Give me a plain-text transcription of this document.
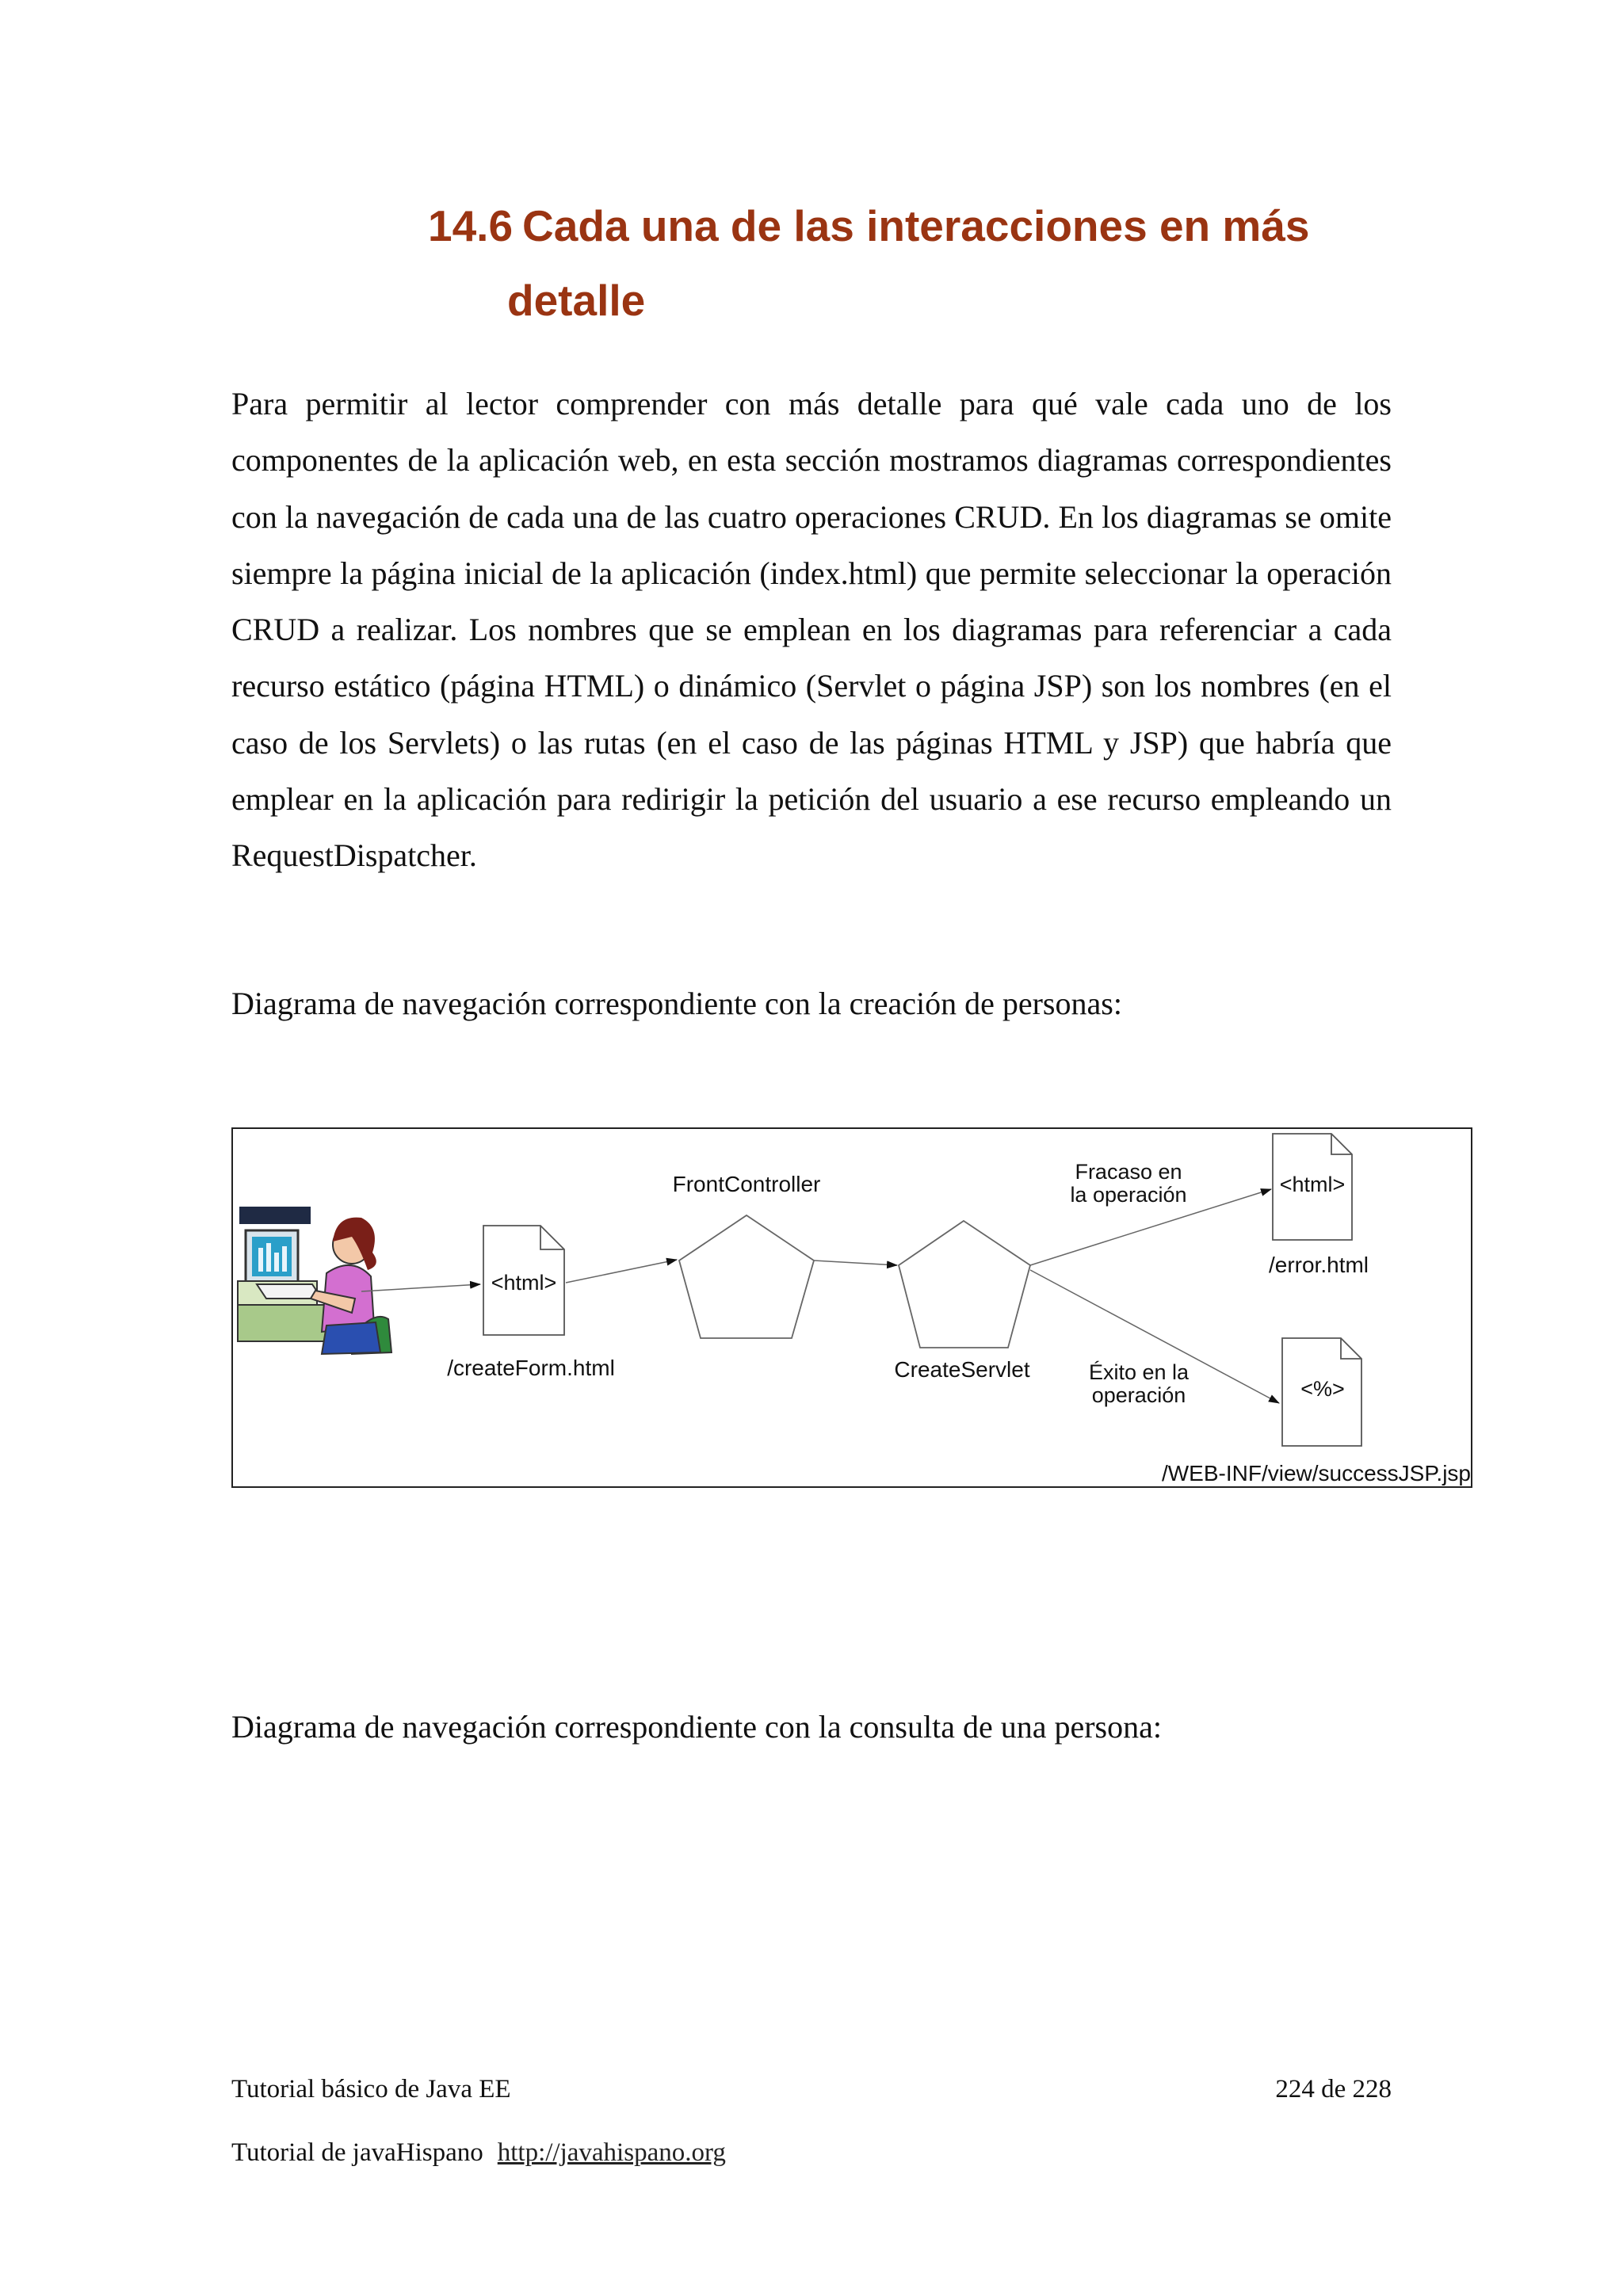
14.6 Cada una de las interacciones en más
detalle

Para permitir al lector comprender con más detalle para qué vale cada uno de los componentes de la aplicación web, en esta sección mostramos diagramas correspondientes con la navegación de cada una de las cuatro operaciones CRUD. En los diagramas se omite siempre la página inicial de la aplicación (index.html) que permite seleccionar la operación CRUD a realizar. Los nombres que se emplean en los diagramas para referenciar a cada recurso estático (página HTML) o dinámico (Servlet o página JSP) son los nombres (en el caso de los Servlets) o las rutas (en el caso de las páginas HTML y JSP) que habría que emplear en la aplicación para redirigir la petición del usuario a ese recurso empleando un RequestDispatcher.

Diagrama de navegación correspondiente con la creación de personas:

<html>
/createForm.html
FrontController
CreateServlet
Fracaso en
la operación	<html>
/error.html
Éxito en la
operación	<%>
/WEB-INF/view/successJSP.jsp

Diagrama de navegación correspondiente con la consulta de una persona:

Tutorial básico de Java EE	224 de 228
Tutorial de javaHispano http://javahispano.org
